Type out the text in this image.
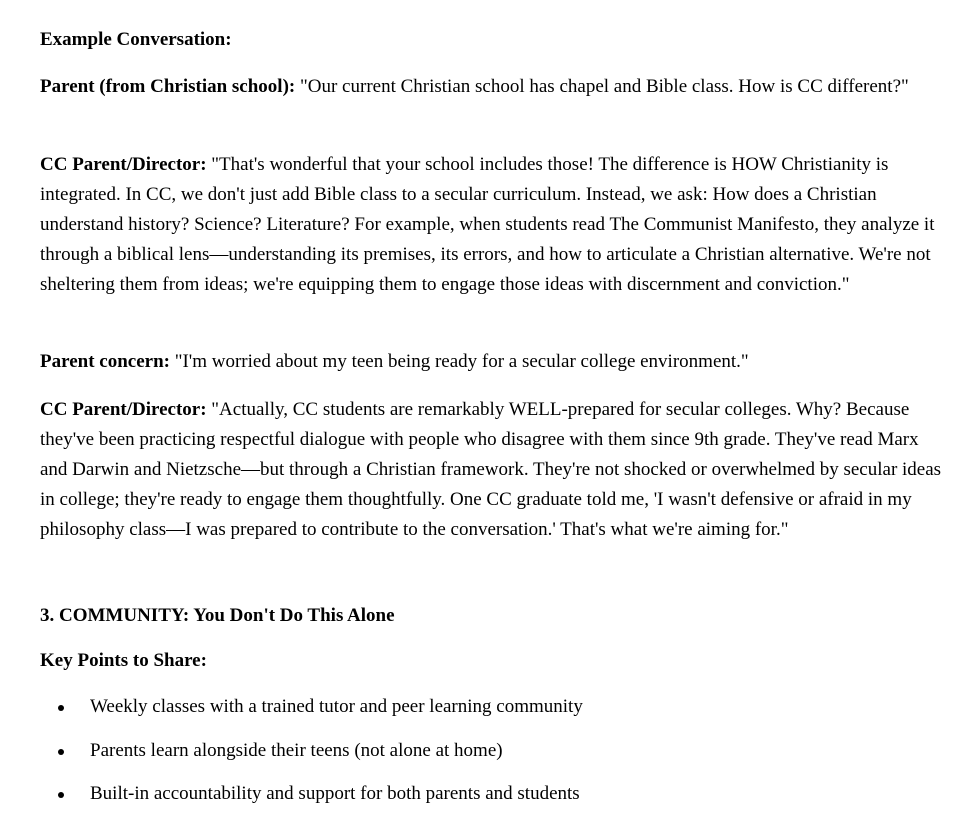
Example Conversation:

Parent (from Christian school): "Our current Christian school has chapel and Bible class. How is CC different?"

CC Parent/Director: "That's wonderful that your school includes those! The difference is HOW Christianity is integrated. In CC, we don't just add Bible class to a secular curriculum. Instead, we ask: How does a Christian understand history? Science? Literature? For example, when students read The Communist Manifesto, they analyze it through a biblical lens—understanding its premises, its errors, and how to articulate a Christian alternative. We're not sheltering them from ideas; we're equipping them to engage those ideas with discernment and conviction."

Parent concern: "I'm worried about my teen being ready for a secular college environment."

CC Parent/Director: "Actually, CC students are remarkably WELL-prepared for secular colleges. Why? Because they've been practicing respectful dialogue with people who disagree with them since 9th grade. They've read Marx and Darwin and Nietzsche—but through a Christian framework. They're not shocked or overwhelmed by secular ideas in college; they're ready to engage them thoughtfully. One CC graduate told me, 'I wasn't defensive or afraid in my philosophy class—I was prepared to contribute to the conversation.' That's what we're aiming for."

3. COMMUNITY: You Don't Do This Alone

Key Points to Share:

Weekly classes with a trained tutor and peer learning community
Parents learn alongside their teens (not alone at home)
Built-in accountability and support for both parents and students
